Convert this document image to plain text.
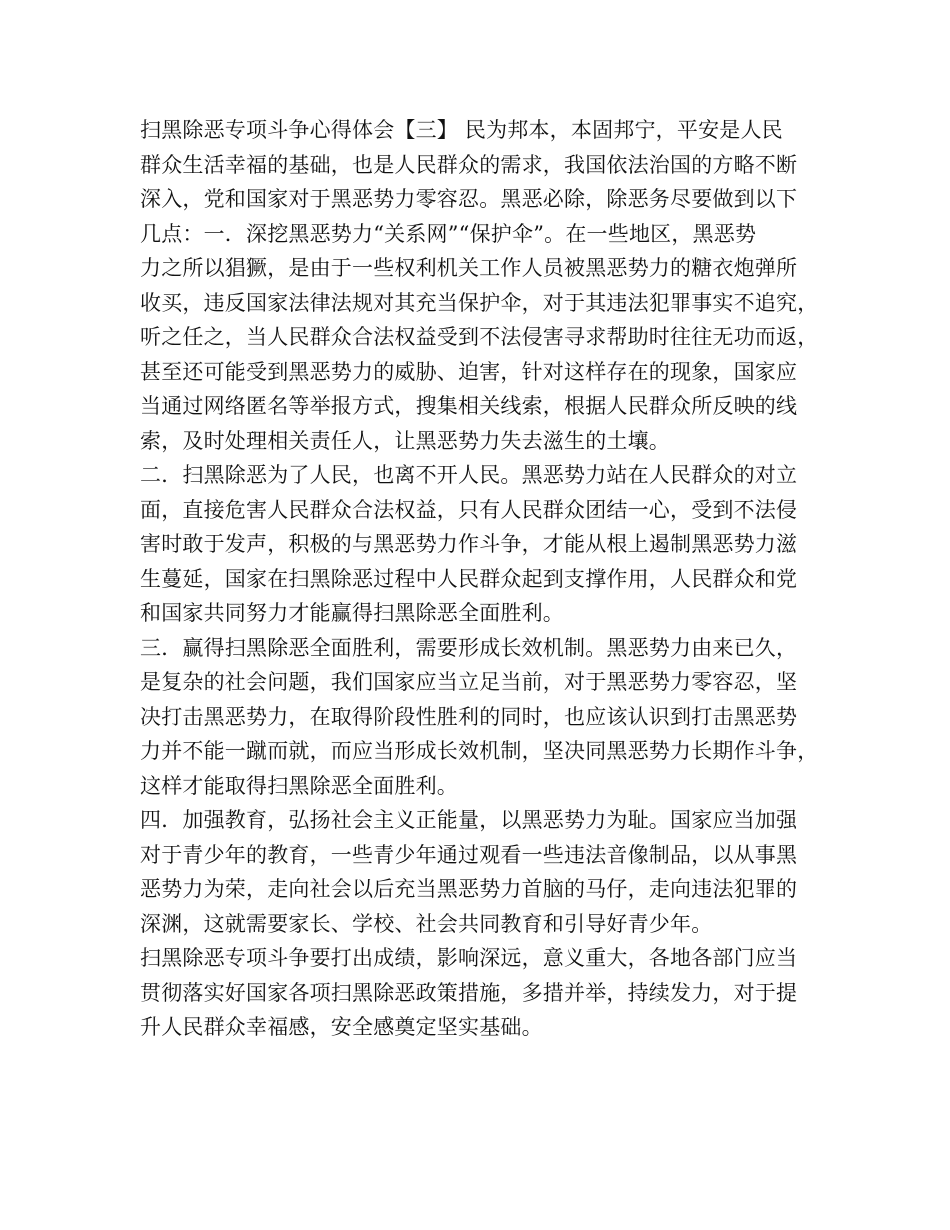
扫黑除恶专项斗争心得体会【三】 民为邦本，本固邦宁，平安是人民
群众生活幸福的基础，也是人民群众的需求，我国依法治国的方略不断
深入，党和国家对于黑恶势力零容忍。黑恶必除，除恶务尽要做到以下
几点：一．深挖黑恶势力“关系网”“保护伞”。在一些地区，黑恶势
力之所以猖獗，是由于一些权利机关工作人员被黑恶势力的糖衣炮弹所
收买，违反国家法律法规对其充当保护伞，对于其违法犯罪事实不追究，
听之任之，当人民群众合法权益受到不法侵害寻求帮助时往往无功而返，
甚至还可能受到黑恶势力的威胁、迫害，针对这样存在的现象，国家应
当通过网络匿名等举报方式，搜集相关线索，根据人民群众所反映的线
索，及时处理相关责任人，让黑恶势力失去滋生的土壤。
二．扫黑除恶为了人民，也离不开人民。黑恶势力站在人民群众的对立
面，直接危害人民群众合法权益，只有人民群众团结一心，受到不法侵
害时敢于发声，积极的与黑恶势力作斗争，才能从根上遏制黑恶势力滋
生蔓延，国家在扫黑除恶过程中人民群众起到支撑作用，人民群众和党
和国家共同努力才能赢得扫黑除恶全面胜利。
三．赢得扫黑除恶全面胜利，需要形成长效机制。黑恶势力由来已久，
是复杂的社会问题，我们国家应当立足当前，对于黑恶势力零容忍，坚
决打击黑恶势力，在取得阶段性胜利的同时，也应该认识到打击黑恶势
力并不能一蹴而就，而应当形成长效机制，坚决同黑恶势力长期作斗争，
这样才能取得扫黑除恶全面胜利。
四．加强教育，弘扬社会主义正能量，以黑恶势力为耻。国家应当加强
对于青少年的教育，一些青少年通过观看一些违法音像制品，以从事黑
恶势力为荣，走向社会以后充当黑恶势力首脑的马仔，走向违法犯罪的
深渊，这就需要家长、学校、社会共同教育和引导好青少年。
扫黑除恶专项斗争要打出成绩，影响深远，意义重大，各地各部门应当
贯彻落实好国家各项扫黑除恶政策措施，多措并举，持续发力，对于提
升人民群众幸福感，安全感奠定坚实基础。
